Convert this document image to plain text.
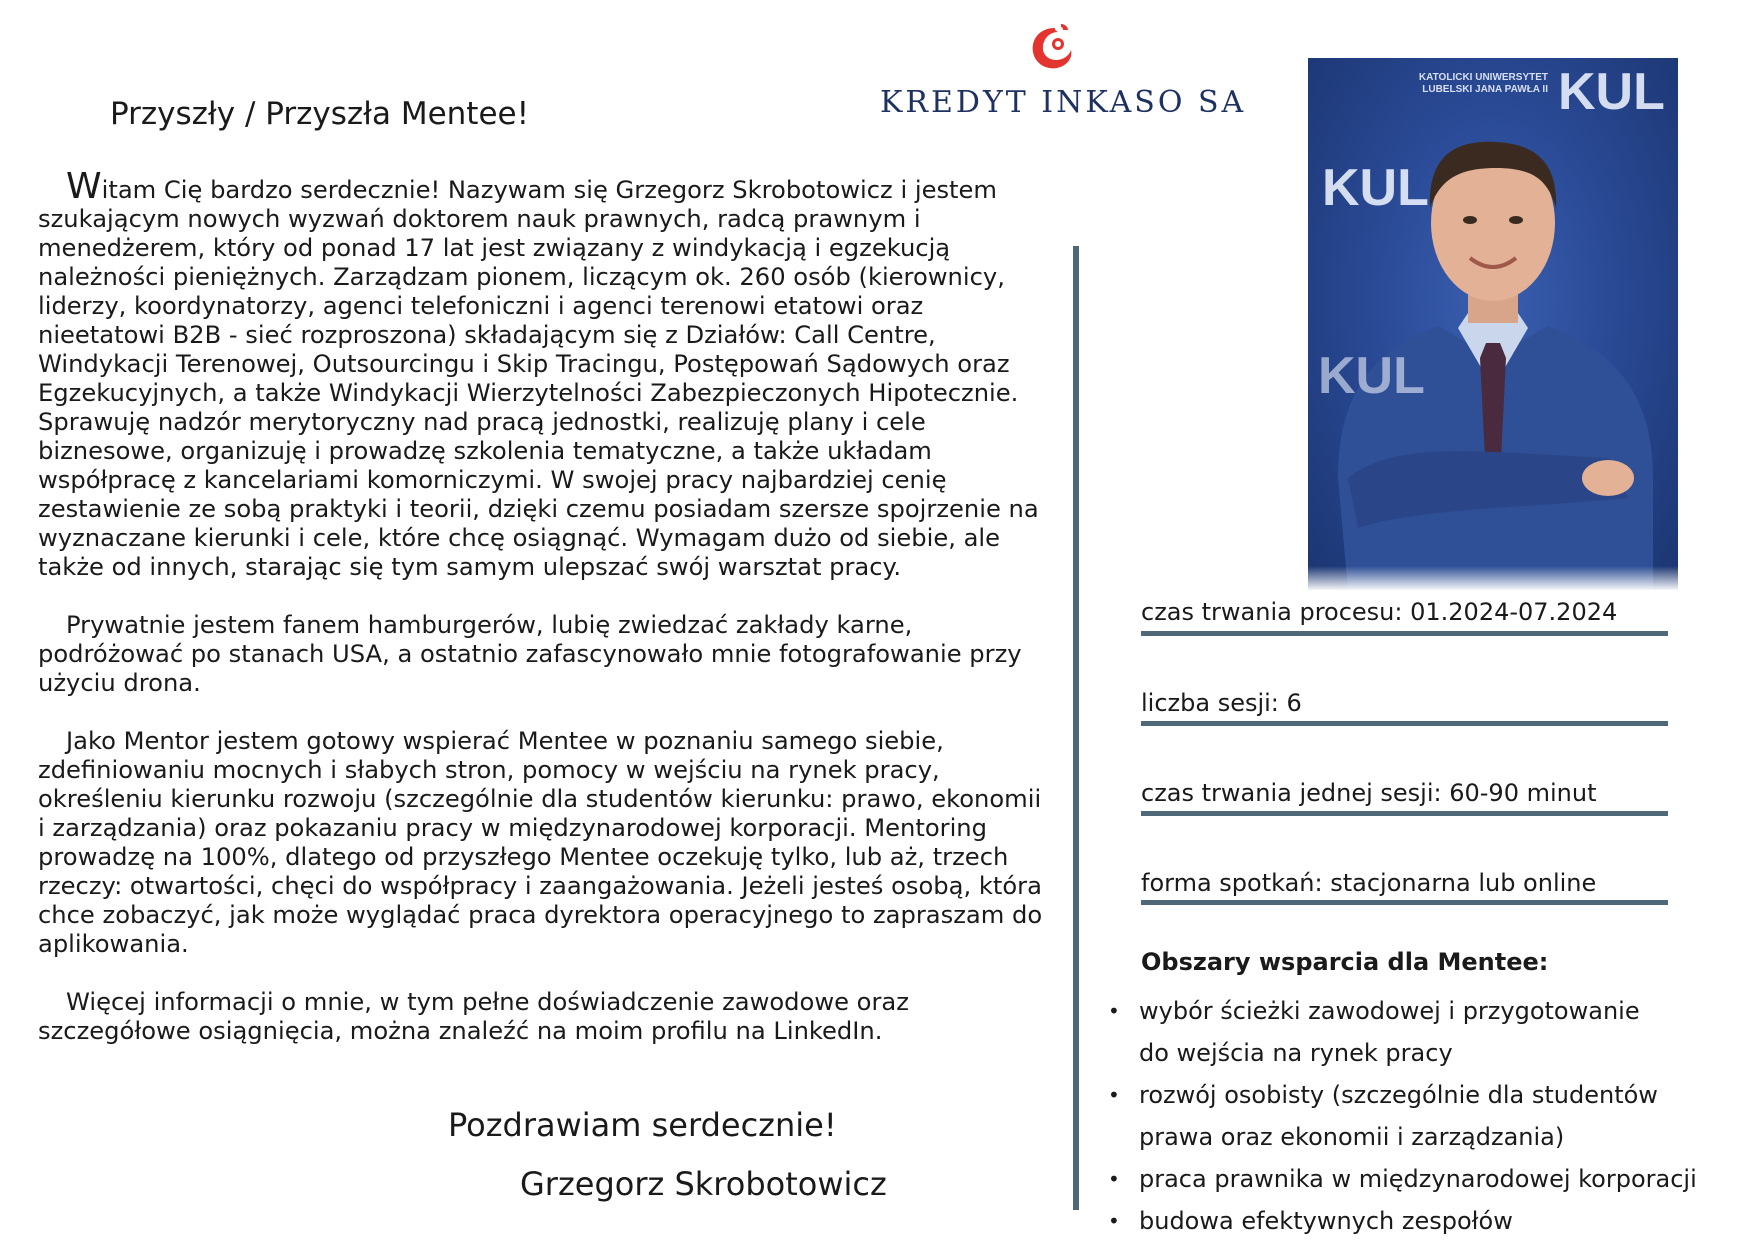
Przyszły / Przyszła Mentee!	KREDYT INKASO SA

Witam Cię bardzo serdecznie! Nazywam się Grzegorz Skrobotowicz i jestem szukającym nowych wyzwań doktorem nauk prawnych, radcą prawnym i menedżerem, który od ponad 17 lat jest związany z windykacją i egzekucją należności pieniężnych. Zarządzam pionem, liczącym ok. 260 osób (kierownicy, liderzy, koordynatorzy, agenci telefoniczni i agenci terenowi etatowi oraz nieetatowi B2B - sieć rozproszona) składającym się z Działów: Call Centre, Windykacji Terenowej, Outsourcingu i Skip Tracingu, Postępowań Sądowych oraz Egzekucyjnych, a także Windykacji Wierzytelności Zabezpieczonych Hipotecznie. Sprawuję nadzór merytoryczny nad pracą jednostki, realizuję plany i cele biznesowe, organizuję i prowadzę szkolenia tematyczne, a także układam współpracę z kancelariami komorniczymi. W swojej pracy najbardziej cenię zestawienie ze sobą praktyki i teorii, dzięki czemu posiadam szersze spojrzenie na wyznaczane kierunki i cele, które chcę osiągnąć. Wymagam dużo od siebie, ale także od innych, starając się tym samym ulepszać swój warsztat pracy.

Prywatnie jestem fanem hamburgerów, lubię zwiedzać zakłady karne, podróżować po stanach USA, a ostatnio zafascynowało mnie fotografowanie przy użyciu drona.

Jako Mentor jestem gotowy wspierać Mentee w poznaniu samego siebie, zdefiniowaniu mocnych i słabych stron, pomocy w wejściu na rynek pracy, określeniu kierunku rozwoju (szczególnie dla studentów kierunku: prawo, ekonomii i zarządzania) oraz pokazaniu pracy w międzynarodowej korporacji. Mentoring prowadzę na 100%, dlatego od przyszłego Mentee oczekuję tylko, lub aż, trzech rzeczy: otwartości, chęci do współpracy i zaangażowania. Jeżeli jesteś osobą, która chce zobaczyć, jak może wyglądać praca dyrektora operacyjnego to zapraszam do aplikowania.

Więcej informacji o mnie, w tym pełne doświadczenie zawodowe oraz szczegółowe osiągnięcia, można znaleźć na moim profilu na LinkedIn.

Pozdrawiam serdecznie!
Grzegorz Skrobotowicz
KATOLICKI UNIWERSYTET LUBELSKI JANA PAWŁA II KUL
KUL
KUL
czas trwania procesu: 01.2024-07.2024
liczba sesji: 6
czas trwania jednej sesji: 60-90 minut
forma spotkań: stacjonarna lub online
Obszary wsparcia dla Mentee:
• wybór ścieżki zawodowej i przygotowanie
do wejścia na rynek pracy
• rozwój osobisty (szczególnie dla studentów
prawa oraz ekonomii i zarządzania)
• praca prawnika w międzynarodowej korporacji
• budowa efektywnych zespołów
